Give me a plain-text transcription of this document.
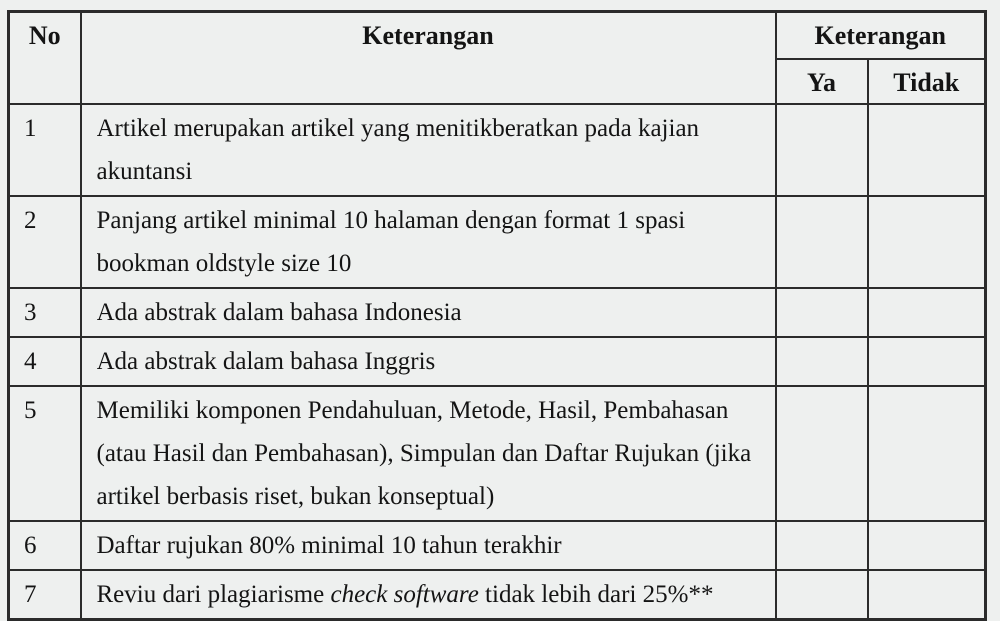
No	Keterangan	Keterangan	
		Ya	Tidak
1	Artikel merupakan artikel yang menitikberatkan pada kajian
akuntansi		

2	Panjang artikel minimal 10 halaman dengan format 1 spasi
bookman oldstyle size 10		

3	Ada abstrak dalam bahasa Indonesia		

4	Ada abstrak dalam bahasa Inggris		

5	Memiliki komponen Pendahuluan, Metode, Hasil, Pembahasan
(atau Hasil dan Pembahasan), Simpulan dan Daftar Rujukan (jika
artikel berbasis riset, bukan konseptual)		

6	Daftar rujukan 80% minimal 10 tahun terakhir		

7	Reviu dari plagiarisme check software tidak lebih dari 25%**		
